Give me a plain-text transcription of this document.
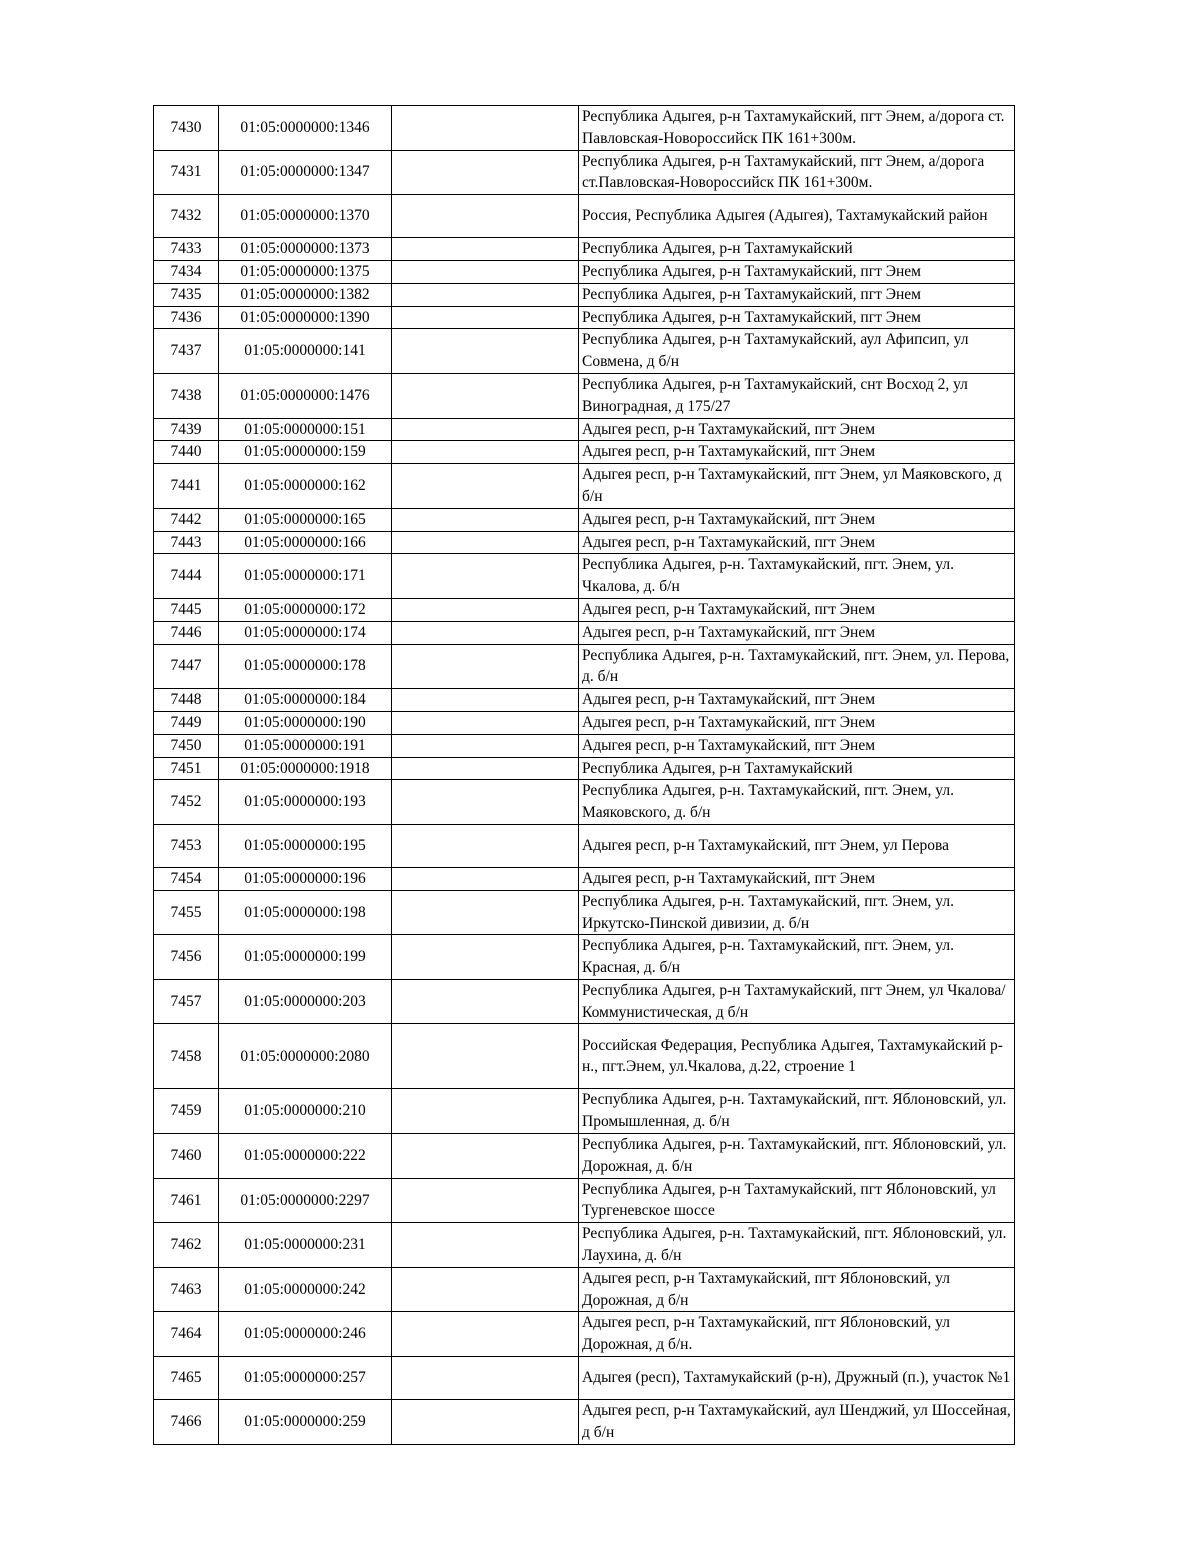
7430	01:05:0000000:1346		Республика Адыгея, р-н Тахтамукайский, пгт Энем, а/дорога ст. Павловская-Новороссийск ПК 161+300м.
7431	01:05:0000000:1347		Республика Адыгея, р-н Тахтамукайский, пгт Энем, а/дорога ст.Павловская-Новороссийск ПК 161+300м.
7432	01:05:0000000:1370		Россия, Республика Адыгея (Адыгея), Тахтамукайский район
7433	01:05:0000000:1373		Республика Адыгея, р-н Тахтамукайский
7434	01:05:0000000:1375		Республика Адыгея, р-н Тахтамукайский, пгт Энем
7435	01:05:0000000:1382		Республика Адыгея, р-н Тахтамукайский, пгт Энем
7436	01:05:0000000:1390		Республика Адыгея, р-н Тахтамукайский, пгт Энем
7437	01:05:0000000:141		Республика Адыгея, р-н Тахтамукайский, аул Афипсип, ул Совмена, д б/н
7438	01:05:0000000:1476		Республика Адыгея, р-н Тахтамукайский, снт Восход 2, ул Виноградная, д 175/27
7439	01:05:0000000:151		Адыгея респ, р-н Тахтамукайский, пгт Энем
7440	01:05:0000000:159		Адыгея респ, р-н Тахтамукайский, пгт Энем
7441	01:05:0000000:162		Адыгея респ, р-н Тахтамукайский, пгт Энем, ул Маяковского, д б/н
7442	01:05:0000000:165		Адыгея респ, р-н Тахтамукайский, пгт Энем
7443	01:05:0000000:166		Адыгея респ, р-н Тахтамукайский, пгт Энем
7444	01:05:0000000:171		Республика Адыгея, р-н. Тахтамукайский, пгт. Энем, ул. Чкалова, д. б/н
7445	01:05:0000000:172		Адыгея респ, р-н Тахтамукайский, пгт Энем
7446	01:05:0000000:174		Адыгея респ, р-н Тахтамукайский, пгт Энем
7447	01:05:0000000:178		Республика Адыгея, р-н. Тахтамукайский, пгт. Энем, ул. Перова, д. б/н
7448	01:05:0000000:184		Адыгея респ, р-н Тахтамукайский, пгт Энем
7449	01:05:0000000:190		Адыгея респ, р-н Тахтамукайский, пгт Энем
7450	01:05:0000000:191		Адыгея респ, р-н Тахтамукайский, пгт Энем
7451	01:05:0000000:1918		Республика Адыгея, р-н Тахтамукайский
7452	01:05:0000000:193		Республика Адыгея, р-н. Тахтамукайский, пгт. Энем, ул. Маяковского, д. б/н
7453	01:05:0000000:195		Адыгея респ, р-н Тахтамукайский, пгт Энем, ул Перова
7454	01:05:0000000:196		Адыгея респ, р-н Тахтамукайский, пгт Энем
7455	01:05:0000000:198		Республика Адыгея, р-н. Тахтамукайский, пгт. Энем, ул. Иркутско-Пинской дивизии, д. б/н
7456	01:05:0000000:199		Республика Адыгея, р-н. Тахтамукайский, пгт. Энем, ул. Красная, д. б/н
7457	01:05:0000000:203		Республика Адыгея, р-н Тахтамукайский, пгт Энем, ул Чкалова/Коммунистическая, д б/н
7458	01:05:0000000:2080		Российская Федерация, Республика Адыгея, Тахтамукайский р-н., пгт.Энем, ул.Чкалова, д.22, строение 1
7459	01:05:0000000:210		Республика Адыгея, р-н. Тахтамукайский, пгт. Яблоновский, ул. Промышленная, д. б/н
7460	01:05:0000000:222		Республика Адыгея, р-н. Тахтамукайский, пгт. Яблоновский, ул. Дорожная, д. б/н
7461	01:05:0000000:2297		Республика Адыгея, р-н Тахтамукайский, пгт Яблоновский, ул Тургеневское шоссе
7462	01:05:0000000:231		Республика Адыгея, р-н. Тахтамукайский, пгт. Яблоновский, ул. Лаухина, д. б/н
7463	01:05:0000000:242		Адыгея респ, р-н Тахтамукайский, пгт Яблоновский, ул Дорожная, д б/н
7464	01:05:0000000:246		Адыгея респ, р-н Тахтамукайский, пгт Яблоновский, ул Дорожная, д б/н.
7465	01:05:0000000:257		Адыгея (респ), Тахтамукайский (р-н), Дружный (п.), участок №1
7466	01:05:0000000:259		Адыгея респ, р-н Тахтамукайский, аул Шенджий, ул Шоссейная, д б/н
